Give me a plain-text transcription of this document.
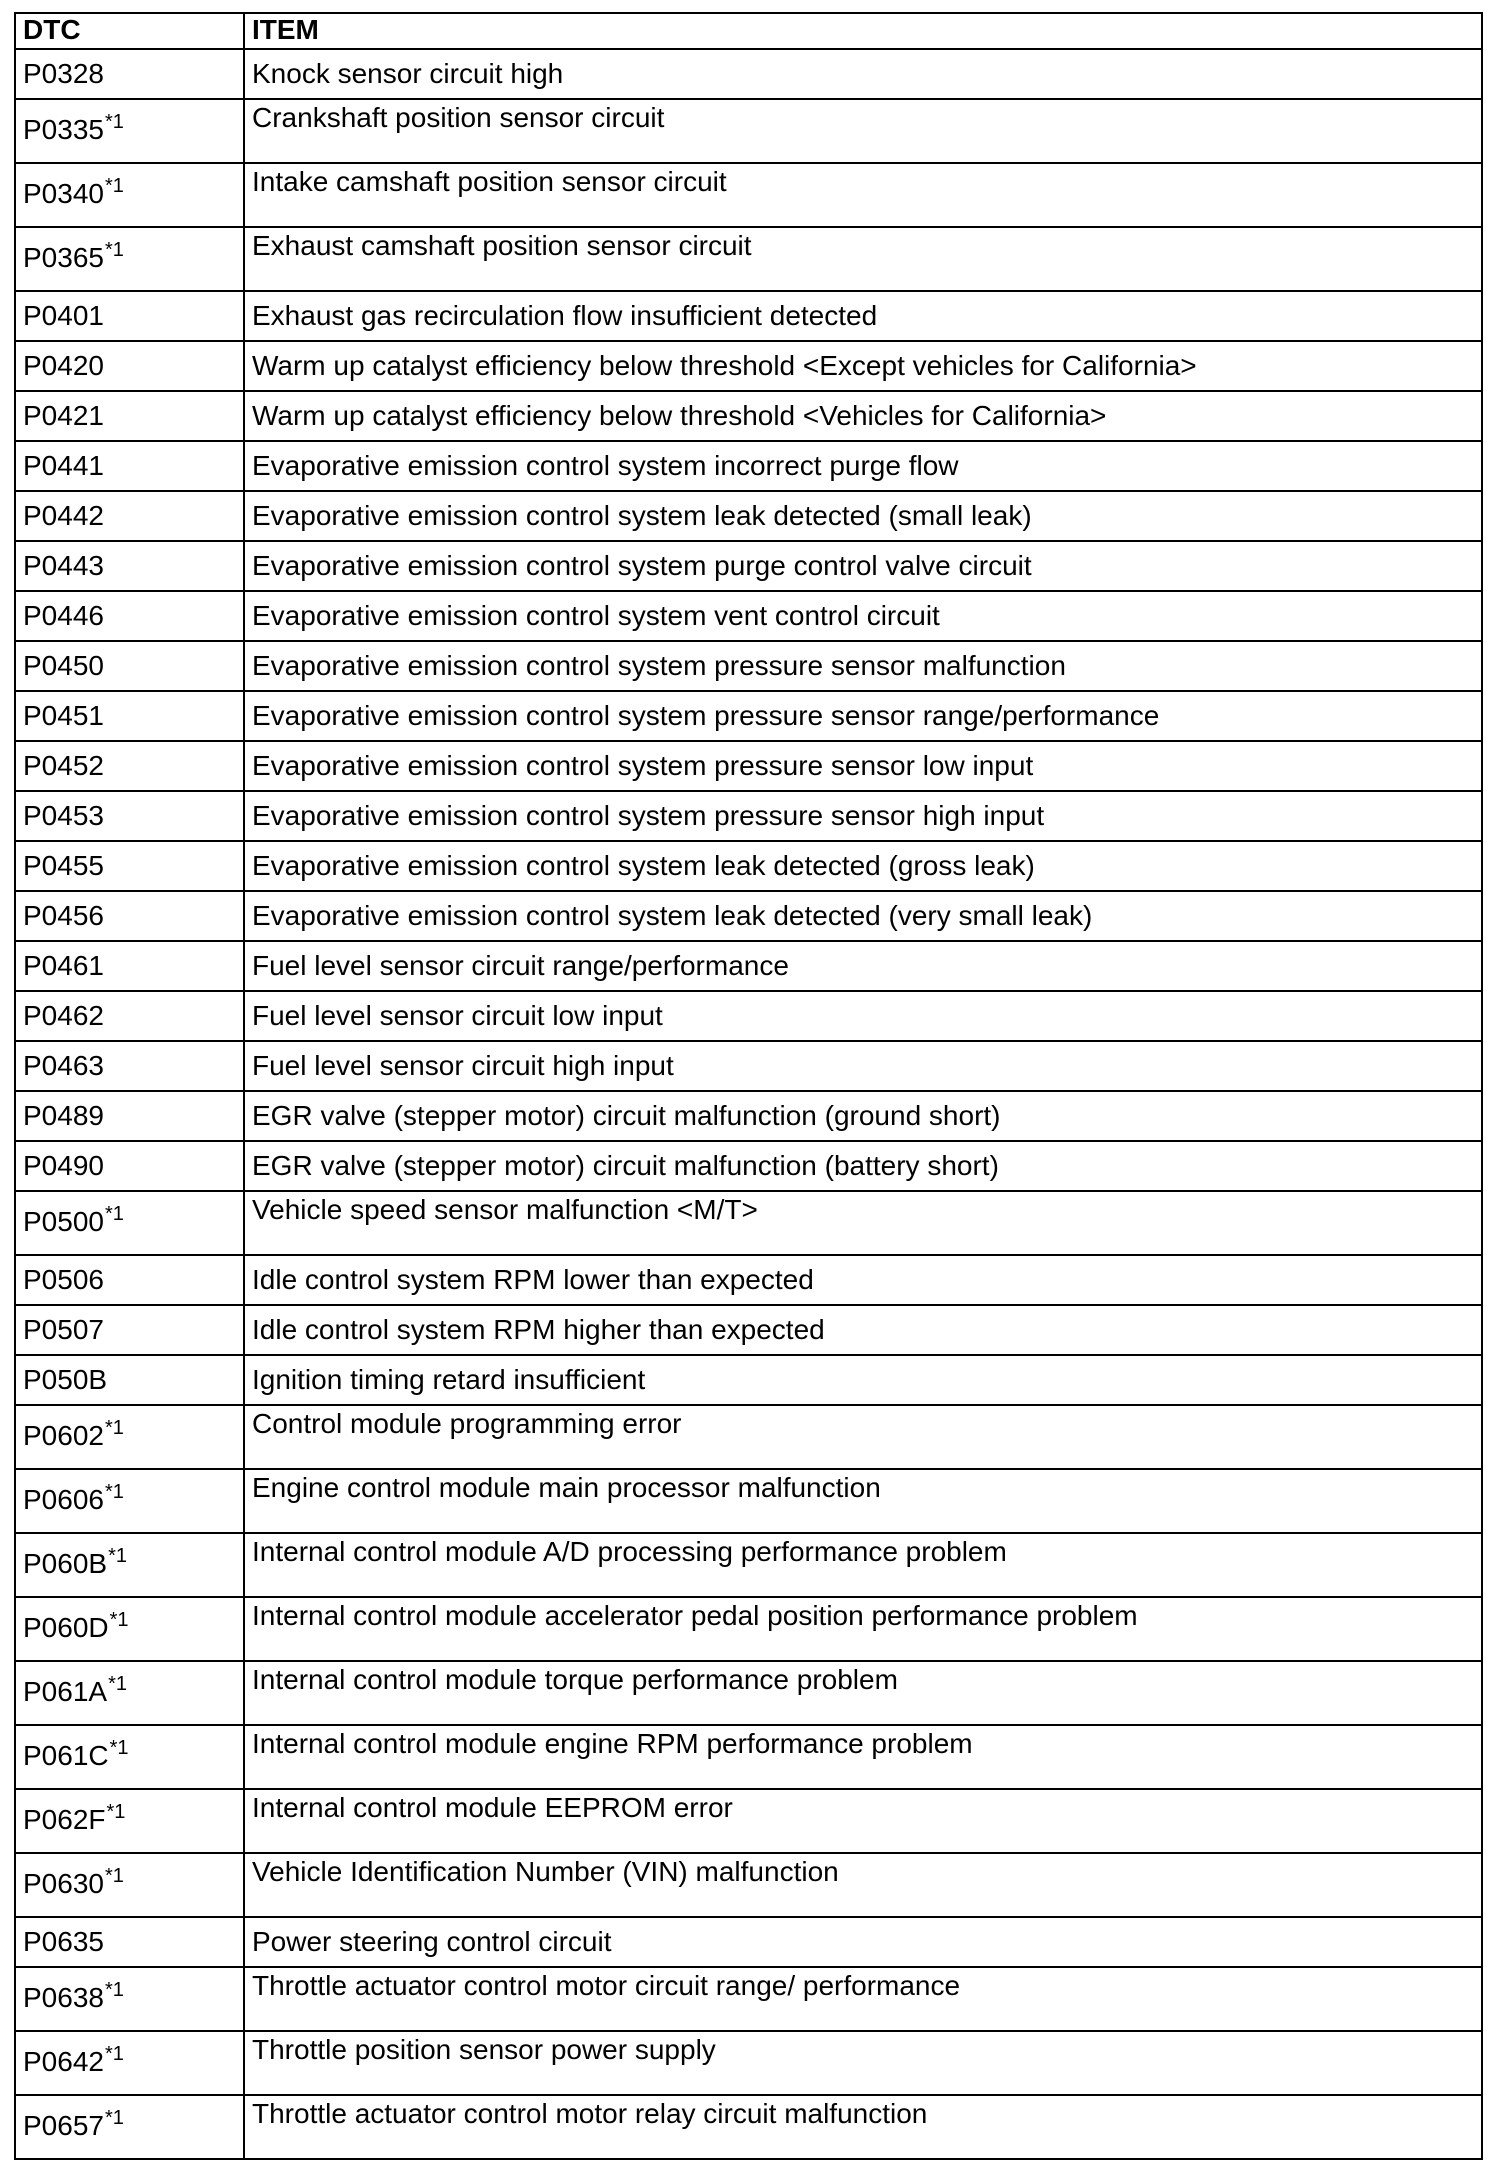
DTC	ITEM
P0328	Knock sensor circuit high
P0335$^{*1}$	Crankshaft position sensor circuit
P0340$^{*1}$	Intake camshaft position sensor circuit
P0365$^{*1}$	Exhaust camshaft position sensor circuit
P0401	Exhaust gas recirculation flow insufficient detected
P0420	Warm up catalyst efficiency below threshold <Except vehicles for California>
P0421	Warm up catalyst efficiency below threshold <Vehicles for California>
P0441	Evaporative emission control system incorrect purge flow
P0442	Evaporative emission control system leak detected (small leak)
P0443	Evaporative emission control system purge control valve circuit
P0446	Evaporative emission control system vent control circuit
P0450	Evaporative emission control system pressure sensor malfunction
P0451	Evaporative emission control system pressure sensor range/performance
P0452	Evaporative emission control system pressure sensor low input
P0453	Evaporative emission control system pressure sensor high input
P0455	Evaporative emission control system leak detected (gross leak)
P0456	Evaporative emission control system leak detected (very small leak)
P0461	Fuel level sensor circuit range/performance
P0462	Fuel level sensor circuit low input
P0463	Fuel level sensor circuit high input
P0489	EGR valve (stepper motor) circuit malfunction (ground short)
P0490	EGR valve (stepper motor) circuit malfunction (battery short)
P0500$^{*1}$	Vehicle speed sensor malfunction <M/T>
P0506	Idle control system RPM lower than expected
P0507	Idle control system RPM higher than expected
P050B	Ignition timing retard insufficient
P0602$^{*1}$	Control module programming error
P0606$^{*1}$	Engine control module main processor malfunction
P060B$^{*1}$	Internal control module A/D processing performance problem
P060D$^{*1}$	Internal control module accelerator pedal position performance problem
P061A$^{*1}$	Internal control module torque performance problem
P061C$^{*1}$	Internal control module engine RPM performance problem
P062F$^{*1}$	Internal control module EEPROM error
P0630$^{*1}$	Vehicle Identification Number (VIN) malfunction
P0635	Power steering control circuit
P0638$^{*1}$	Throttle actuator control motor circuit range/ performance
P0642$^{*1}$	Throttle position sensor power supply
P0657$^{*1}$	Throttle actuator control motor relay circuit malfunction
